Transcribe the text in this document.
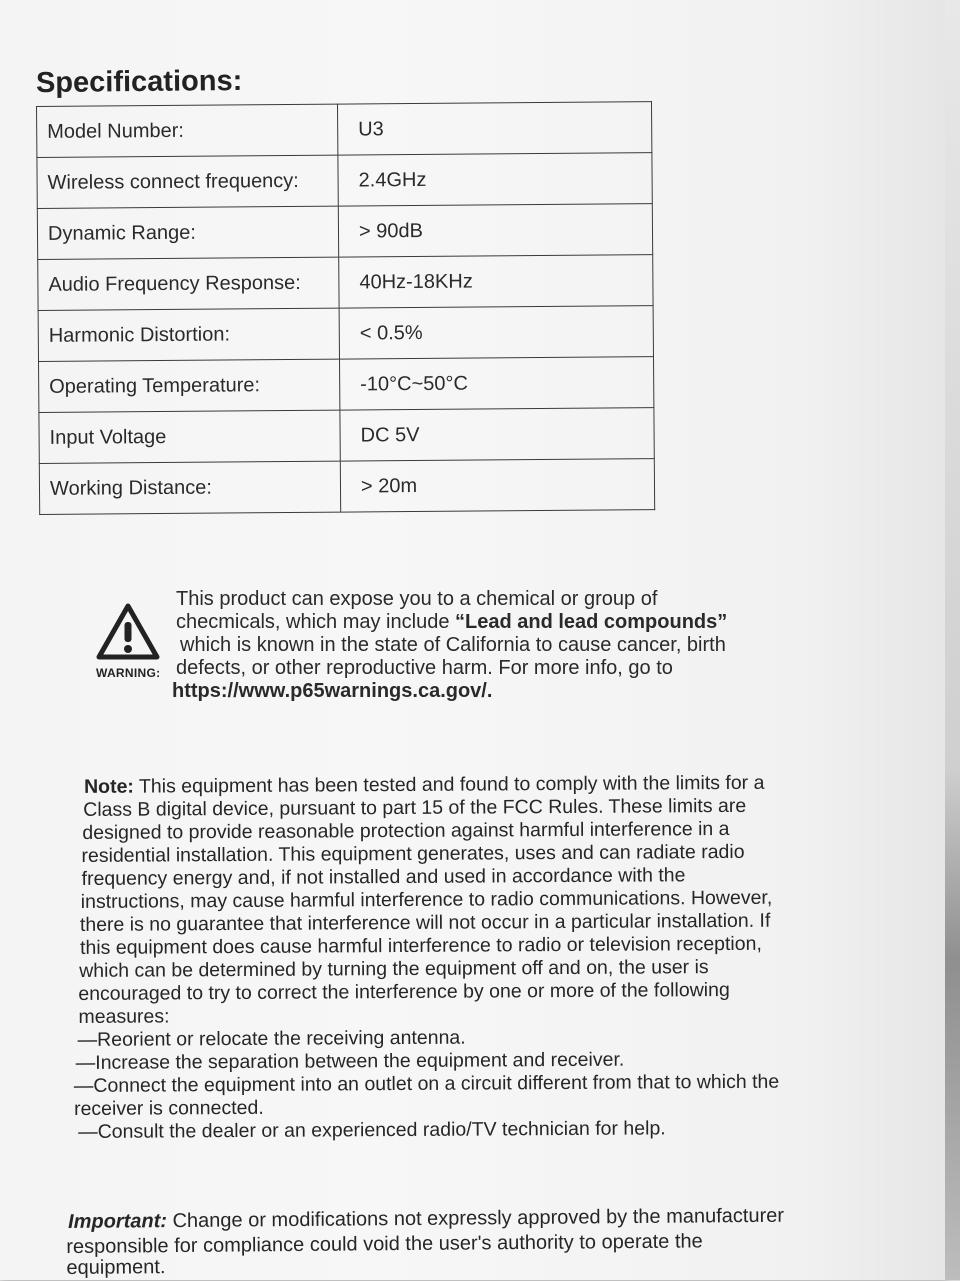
Specifications:
Model Number:	U3
Wireless connect frequency:	2.4GHz
Dynamic Range:	> 90dB
Audio Frequency Response:	40Hz-18KHz
Harmonic Distortion:	< 0.5%
Operating Temperature:	-10°C~50°C
Input Voltage	DC 5V
Working Distance:	> 20m
WARNING:
This product can expose you to a chemical or group of
checmicals, which may include “Lead and lead compounds”
which is known in the state of California to cause cancer, birth
defects, or other reproductive harm. For more info, go to
https://www.p65warnings.ca.gov/.
Note: This equipment has been tested and found to comply with the limits for a
Class B digital device, pursuant to part 15 of the FCC Rules. These limits are
designed to provide reasonable protection against harmful interference in a
residential installation. This equipment generates, uses and can radiate radio
frequency energy and, if not installed and used in accordance with the
instructions, may cause harmful interference to radio communications. However,
there is no guarantee that interference will not occur in a particular installation. If
this equipment does cause harmful interference to radio or television reception,
which can be determined by turning the equipment off and on, the user is
encouraged to try to correct the interference by one or more of the following
measures:
—Reorient or relocate the receiving antenna.
—Increase the separation between the equipment and receiver.
—Connect the equipment into an outlet on a circuit different from that to which the
receiver is connected.
—Consult the dealer or an experienced radio/TV technician for help.
Important: Change or modifications not expressly approved by the manufacturer
responsible for compliance could void the user's authority to operate the
equipment.
